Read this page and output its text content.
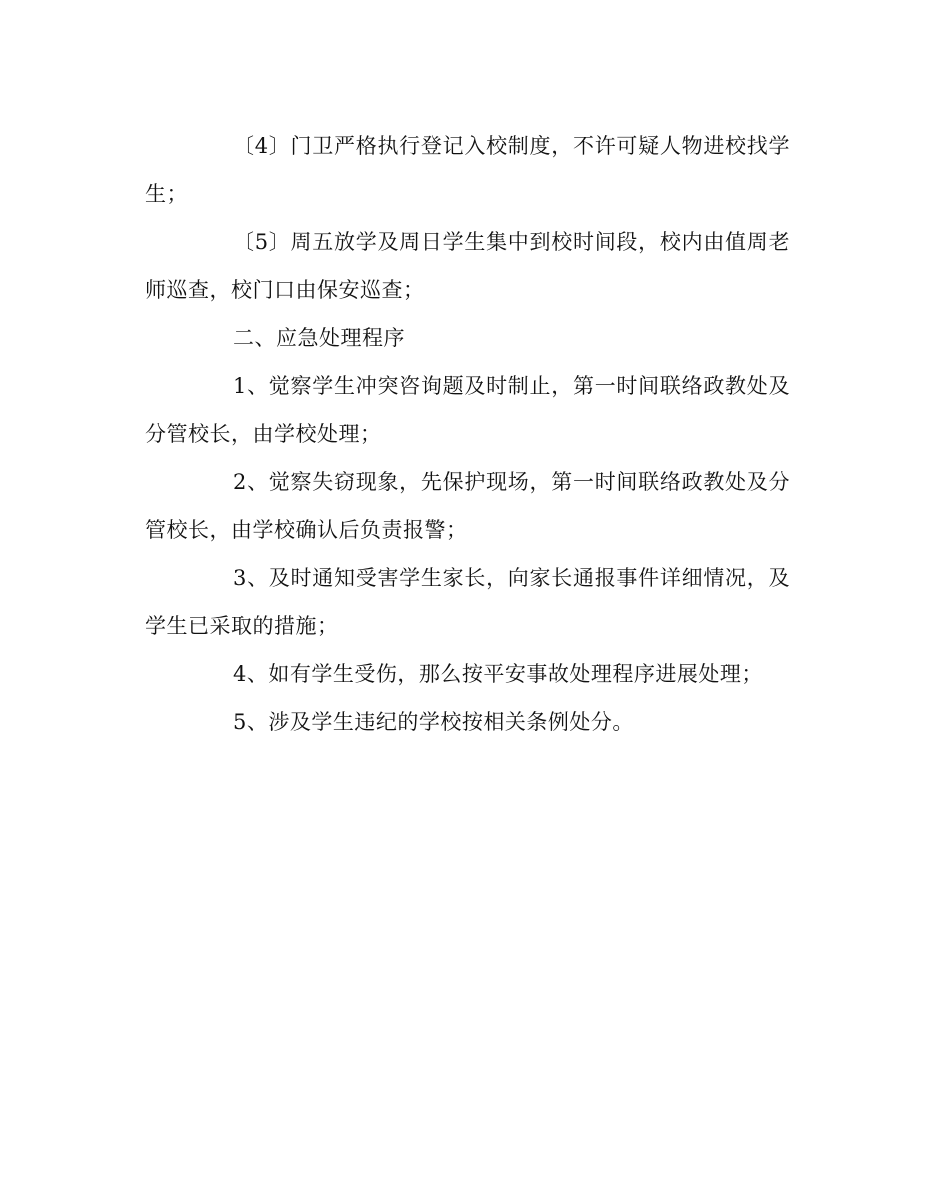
〔4〕门卫严格执行登记入校制度，不许可疑人物进校找学生；

〔5〕周五放学及周日学生集中到校时间段，校内由值周老师巡查，校门口由保安巡查；

二、应急处理程序

1、觉察学生冲突咨询题及时制止，第一时间联络政教处及分管校长，由学校处理；

2、觉察失窃现象，先保护现场，第一时间联络政教处及分管校长，由学校确认后负责报警；

3、及时通知受害学生家长，向家长通报事件详细情况，及学生已采取的措施；

4、如有学生受伤，那么按平安事故处理程序进展处理；

5、涉及学生违纪的学校按相关条例处分。
